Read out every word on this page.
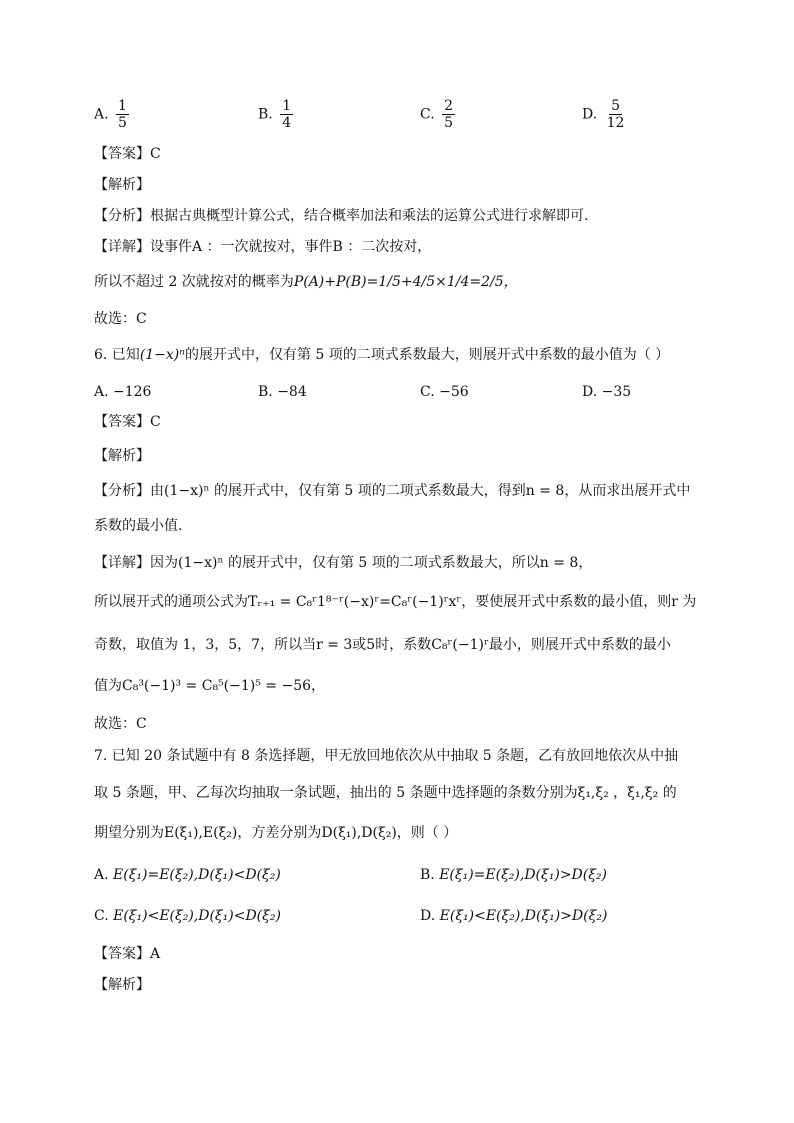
A. $\frac{1}{5}$	B. $\frac{1}{4}$	C. $\frac{2}{5}$	D. $\frac{5}{12}$
【答案】C
【解析】
【分析】根据古典概型计算公式，结合概率加法和乘法的运算公式进行求解即可.
【详解】设事件A ：一次就按对，事件B ：二次按对，
所以不超过 2 次就按对的概率为P(A)+P(B)=1/5+4/5×1/4=2/5，
故选：C
6. 已知(1−x)ⁿ的展开式中，仅有第 5 项的二项式系数最大，则展开式中系数的最小值为（ ）
A. −126	B. −84	C. −56	D. −35
【答案】C
【解析】
【分析】由(1−x)ⁿ 的展开式中，仅有第 5 项的二项式系数最大，得到n = 8，从而求出展开式中
系数的最小值.
【详解】因为(1−x)ⁿ 的展开式中，仅有第 5 项的二项式系数最大，所以n = 8，
所以展开式的通项公式为Tᵣ₊₁ = C₈ʳ1⁸⁻ʳ(−x)ʳ=C₈ʳ(−1)ʳxʳ，要使展开式中系数的最小值，则r 为
奇数，取值为 1，3，5，7，所以当r = 3或5时，系数C₈ʳ(−1)ʳ最小，则展开式中系数的最小
值为C₈³(−1)³ = C₈⁵(−1)⁵ = −56，
故选：C
7. 已知 20 条试题中有 8 条选择题，甲无放回地依次从中抽取 5 条题，乙有放回地依次从中抽
取 5 条题，甲、乙每次均抽取一条试题，抽出的 5 条题中选择题的条数分别为ξ₁,ξ₂ ，ξ₁,ξ₂ 的
期望分别为E(ξ₁),E(ξ₂)，方差分别为D(ξ₁),D(ξ₂)，则（ ）
A. E(ξ₁)=E(ξ₂),D(ξ₁)<D(ξ₂)	B. E(ξ₁)=E(ξ₂),D(ξ₁)>D(ξ₂)
C. E(ξ₁)<E(ξ₂),D(ξ₁)<D(ξ₂)	D. E(ξ₁)<E(ξ₂),D(ξ₁)>D(ξ₂)
【答案】A
【解析】
